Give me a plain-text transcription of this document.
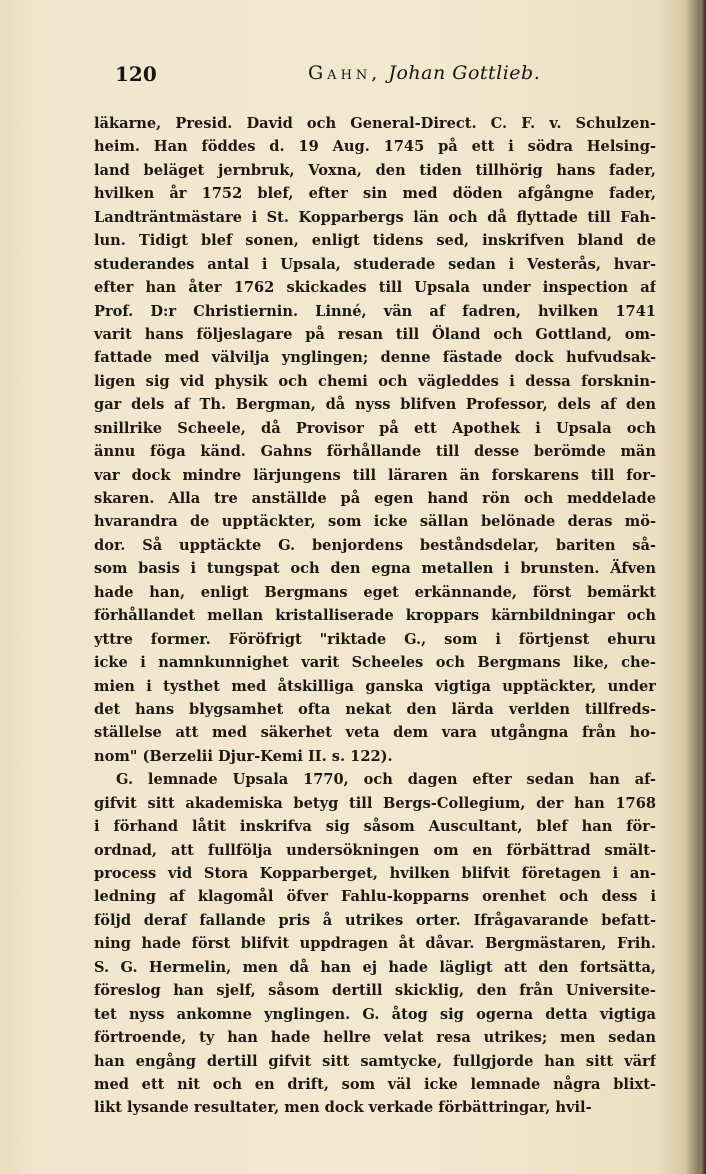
120	Gahn, Johan Gottlieb.
läkarne, Presid. David och General-Direct. C. F. v. Schulzen-
heim. Han föddes d. 19 Aug. 1745 på ett i södra Helsing-
land beläget jernbruk, Voxna, den tiden tillhörig hans fader,
hvilken år 1752 blef, efter sin med döden afgångne fader,
Landträntmästare i St. Kopparbergs län och då flyttade till Fah-
lun. Tidigt blef sonen, enligt tidens sed, inskrifven bland de
studerandes antal i Upsala, studerade sedan i Vesterås, hvar-
efter han åter 1762 skickades till Upsala under inspection af
Prof. D:r Christiernin. Linné, vän af fadren, hvilken 1741
varit hans följeslagare på resan till Öland och Gottland, om-
fattade med välvilja ynglingen; denne fästade dock hufvudsak-
ligen sig vid physik och chemi och vägleddes i dessa forsknin-
gar dels af Th. Bergman, då nyss blifven Professor, dels af den
snillrike Scheele, då Provisor på ett Apothek i Upsala och
ännu föga känd. Gahns förhållande till desse berömde män
var dock mindre lärjungens till läraren än forskarens till for-
skaren. Alla tre anställde på egen hand rön och meddelade
hvarandra de upptäckter, som icke sällan belönade deras mö-
dor. Så upptäckte G. benjordens beståndsdelar, bariten så-
som basis i tungspat och den egna metallen i brunsten. Äfven
hade han, enligt Bergmans eget erkännande, först bemärkt
förhållandet mellan kristalliserade kroppars kärnbildningar och
yttre former. Föröfrigt "riktade G., som i förtjenst ehuru
icke i namnkunnighet varit Scheeles och Bergmans like, che-
mien i tysthet med åtskilliga ganska vigtiga upptäckter, under
det hans blygsamhet ofta nekat den lärda verlden tillfreds-
ställelse att med säkerhet veta dem vara utgångna från ho-
nom" (Berzelii Djur-Kemi II. s. 122).
G. lemnade Upsala 1770, och dagen efter sedan han af-
gifvit sitt akademiska betyg till Bergs-Collegium, der han 1768
i förhand låtit inskrifva sig såsom Auscultant, blef han för-
ordnad, att fullfölja undersökningen om en förbättrad smält-
process vid Stora Kopparberget, hvilken blifvit företagen i an-
ledning af klagomål öfver Fahlu-kopparns orenhet och dess i
följd deraf fallande pris å utrikes orter. Ifrågavarande befatt-
ning hade först blifvit uppdragen åt dåvar. Bergmästaren, Frih.
S. G. Hermelin, men då han ej hade lägligt att den fortsätta,
föreslog han sjelf, såsom dertill skicklig, den från Universite-
tet nyss ankomne ynglingen. G. åtog sig ogerna detta vigtiga
förtroende, ty han hade hellre velat resa utrikes; men sedan
han engång dertill gifvit sitt samtycke, fullgjorde han sitt värf
med ett nit och en drift, som väl icke lemnade några blixt-
likt lysande resultater, men dock verkade förbättringar, hvil-
